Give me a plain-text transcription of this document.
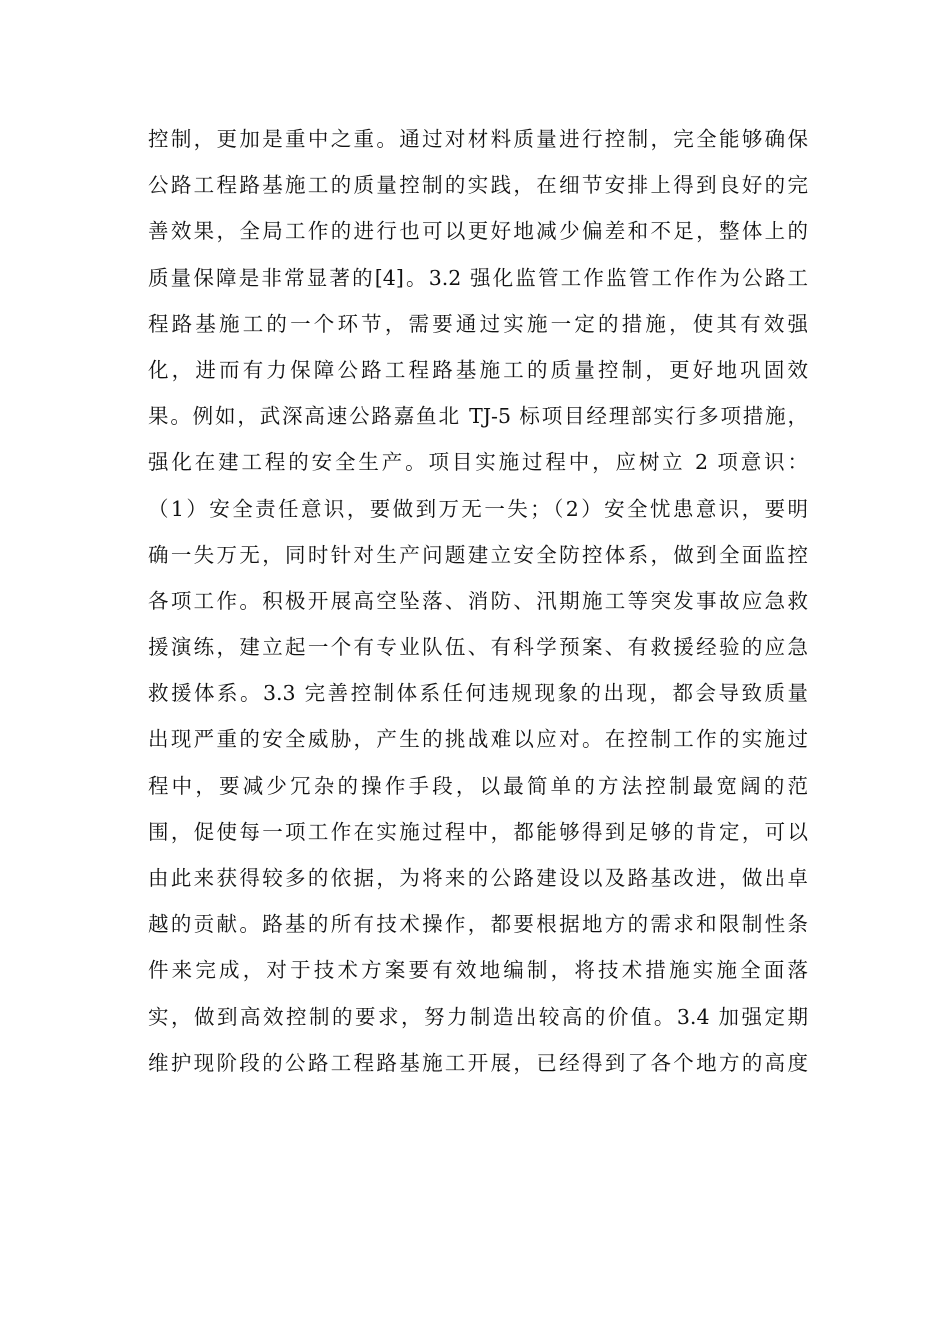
控制，更加是重中之重。通过对材料质量进行控制，完全能够确保
公路工程路基施工的质量控制的实践，在细节安排上得到良好的完
善效果，全局工作的进行也可以更好地减少偏差和不足，整体上的
质量保障是非常显著的[4]。3.2 强化监管工作监管工作作为公路工
程路基施工的一个环节，需要通过实施一定的措施，使其有效强
化，进而有力保障公路工程路基施工的质量控制，更好地巩固效
果。例如，武深高速公路嘉鱼北 TJ-5 标项目经理部实行多项措施，
强化在建工程的安全生产。项目实施过程中，应树立 2 项意识：
（1）安全责任意识，要做到万无一失；（2）安全忧患意识，要明
确一失万无，同时针对生产问题建立安全防控体系，做到全面监控
各项工作。积极开展高空坠落、消防、汛期施工等突发事故应急救
援演练，建立起一个有专业队伍、有科学预案、有救援经验的应急
救援体系。3.3 完善控制体系任何违规现象的出现，都会导致质量
出现严重的安全威胁，产生的挑战难以应对。在控制工作的实施过
程中，要减少冗杂的操作手段，以最简单的方法控制最宽阔的范
围，促使每一项工作在实施过程中，都能够得到足够的肯定，可以
由此来获得较多的依据，为将来的公路建设以及路基改进，做出卓
越的贡献。路基的所有技术操作，都要根据地方的需求和限制性条
件来完成，对于技术方案要有效地编制，将技术措施实施全面落
实，做到高效控制的要求，努力制造出较高的价值。3.4 加强定期
维护现阶段的公路工程路基施工开展，已经得到了各个地方的高度
